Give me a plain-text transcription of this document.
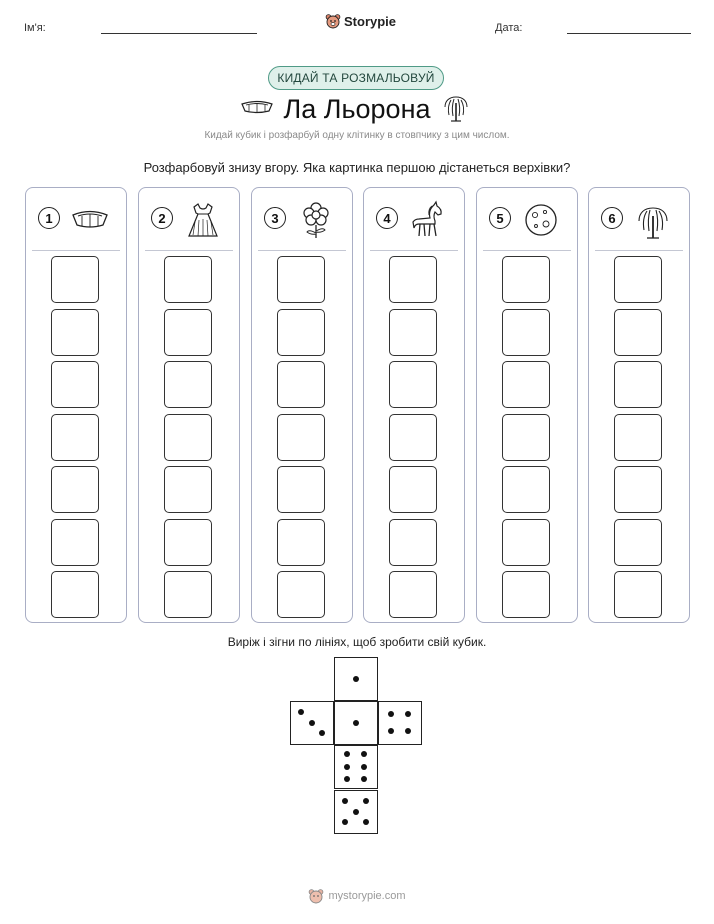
Ім'я:	Storypie	Дата:
КИДАЙ ТА РОЗМАЛЬОВУЙ
Ла Льорона
Кидай кубик і розфарбуй одну клітинку в стовпчику з цим числом.
Розфарбовуй знизу вгору. Яка картинка першою дістанеться верхівки?
1	2	3	4	5	6
Виріж і зігни по лініях, щоб зробити свій кубик.
mystorypie.com
